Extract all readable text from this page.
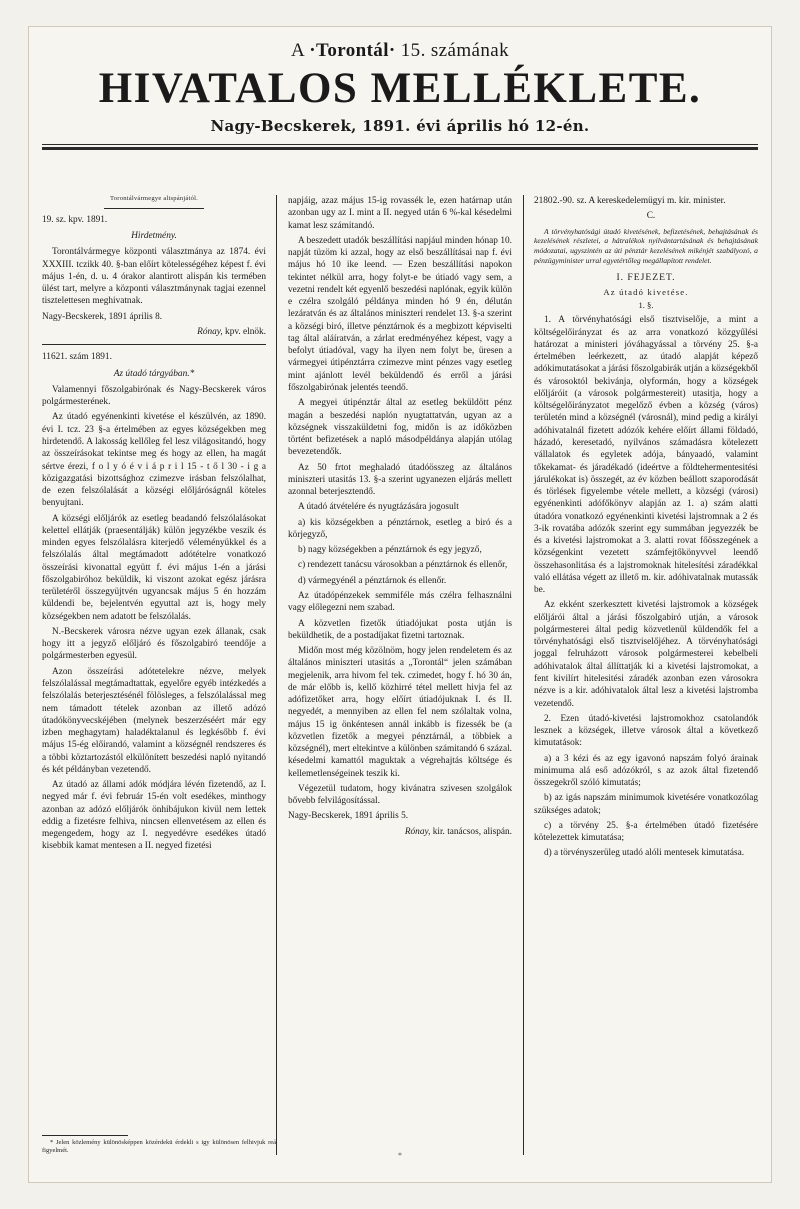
A ·Torontál· 15. számának
HIVATALOS MELLÉKLETE.
Nagy-Becskerek, 1891. évi április hó 12-én.
Torontálvármegye alispánjától.

19. sz. kpv. 1891.

Hirdetmény.

Torontálvármegye központi választmánya az 1874. évi XXXIII. tczikk 40. §-ban előírt kötelességéhez képest f. évi május 1-én, d. u. 4 órakor alantirott alispán kis termében ülést tart, melyre a központi választmánynak tagjai ezennel tisztelettesen meghivatnak.

Nagy-Becskerek, 1891 április 8.

Rónay, kpv. elnök.

11621. szám 1891.

Az útadó tárgyában.*

Valamennyi főszolgabirónak és Nagy-Becskerek város polgármesterének.

Az útadó egyénenkinti kivetése el készülvén, az 1890. évi I. tcz. 23 §-a értelmében az egyes községekben meg hirdetendő. A lakosság kellőleg fel lesz világositandó, hogy az összeírásokat tekintse meg és hogy az ellen, ha magát sértve érezi, f o l y ó é v i á p r i l 15 - t ő l 30 - i g a közigazgatási bizottsághoz czimezve irásban felszólalhat, de ezen felszólalását a községi előljáróságnál köteles benyujtani.

A községi előljárók az esetleg beadandó felszólalásokat kelettel ellátják (praesentálják) külön jegyzékbe veszik és minden egyes felszólalásra kiterjedő véleményükkel és a felszólalás által megtámadott adótételre vonatkozó összeírási kivonattal együtt f. évi május 1-én a járási főszolgabiróhoz beküldik, ki viszont azokat egész járásra területéről összegyüjtvén ugyancsak május 5 én hozzám küldendi be, bejelentvén egyuttal azt is, hogy mely községekben nem adatott be felszólalás.

N.-Becskerek városra nézve ugyan ezek állanak, csak hogy itt a jegyző előljáró és főszolgabiró teendője a polgármesterben egyesül.

Azon összeírási adótetelekre nézve, melyek felszólalással megtámadtattak, egyelőre egyéb intézkedés a felszólalás beterjesztésénél fölösleges, a felszólalással meg nem támadott tételek azonban az illető adózó útadókönyvecskéjében (melynek beszerzéséért már egy izben meghagytam) haladéktalanul és legkésőbb f. évi május 15-ég előirandó, valamint a községnél rendszeres és a többi köztartozástól elkülönített beszedési napló nyitandó és két példányban vezetendő.

Az útadó az állami adók módjára lévén fizetendő, az I. negyed már f. évi február 15-én volt esedékes, minthogy azonban az adózó előljárók önhibájukon kivül nem lettek eddig a fizetésre felhiva, nincsen ellenvetésem az ellen és megengedem, hogy az I. negyedévre esedékes útadó kisebbik kamat mentesen a II. negyed fizetési

* Jelen közlemény különösképpen közérdekü érdekli s igy különösen felhivjuk reá figyelmét.

napjáig, azaz május 15-ig rovassék le, ezen határnap után azonban ugy az I. mint a II. negyed után 6 %-kal késedelmi kamat lesz számitandó.

A beszedett utadók beszállítási napjául minden hónap 10. napját tüzöm ki azzal, hogy az első beszállításai nap f. évi május hó 10 ike leend. — Ezen beszállítási napokon tekintet nélkül arra, hogy folyt-e be útiadó vagy sem, a vezetni rendelt két egyenlő beszedési naplónak, egyik külön e czélra szolgáló példánya minden hó 9 én, délután lezáratván és az általános miniszteri rendelet 13. §-a szerint a községi biró, illetve pénztárnok és a megbizott képviselti tag által aláíratván, a zárlat eredményéhez képest, vagy a befolyt útiadóval, vagy ha ilyen nem folyt be, üresen a vármegyei útipénztárra czimezve mint pénzes vagy esetleg mint ajánlott levél beküldendő és erről a járási főszolgabirónak jelentés teendő.

A megyei útipénztár által az esetleg beküldött pénz magán a beszedési naplón nyugtattatván, ugyan az a községnek visszaküldetni fog, midőn is az időközben történt befizetések a napló másodpéldánya alapján utólag bevezetendők.

Az 50 frtot meghaladó útadóösszeg az általános miniszteri utasitás 13. §-a szerint ugyanezen eljárás mellett azonnal beterjesztendő.

A útadó átvételére és nyugtázására jogosult

a) kis községekben a pénztárnok, esetleg a biró és a körjegyző,

b) nagy községekben a pénztárnok és egy jegyző,

c) rendezett tanácsu városokban a pénztárnok és ellenőr,

d) vármegyénél a pénztárnok és ellenőr.

Az útadópénzekek semmiféle más czélra felhasználni vagy előlegezni nem szabad.

A közvetlen fizetők útiadójukat posta utján is beküldhetik, de a postadíjakat fizetni tartoznak.

Midőn most még közölnöm, hogy jelen rendeletem és az általános miniszteri utasitás a „Torontál“ jelen számában megjelenik, arra hivom fel tek. czimedet, hogy f. hó 30 án, de már előbb is, kellő közhirré tétel mellett hivja fel az adófizetőket arra, hogy előírt útiadójuknak I. és II. negyedét, a mennyiben az ellen fel nem szólaltak volna, május 15 ig önkéntesen annál inkább is fizessék be (a közvetlen fizetők a megyei pénztárnál, a többiek a községnél), mert eltekintve a különben számitandó 6 százal. késedelmi kamattól maguktak a végrehajtás költsége és kellemetlenségeinek teszik ki.

Végezetül tudatom, hogy kivánatra szivesen szolgálok bővebb felvilágosítással.

Nagy-Becskerek, 1891 április 5.

Rónay, kir. tanácsos, alispán.

21802.-90. sz. A kereskedelemügyi m. kir. minister.

C.

A törvényhatósági útadó kivetésének, befizetésének, behajtásának és kezelésének részletei, a hátralékok nyilvántartásának és behajtásának módozatai, ugyszintén az úti pénztár kezelésének mikénjét szabályozó, a pénzügyminister urral egyetértőleg megállapított rendelet.

I. FEJEZET.

Az útadó kivetése.

1. §.

1. A törvényhatósági első tisztviselője, a mint a költségelőirányzat és az arra vonatkozó közgyűlési határozat a ministeri jóváhagyással a törvény 25. §-a értelmében leérkezett, az útadó alapját képező adókimutatásokat a járási főszolgabirák utján a községekből és városoktól bekivánja, olyformán, hogy a községek előljáróit (a városok polgármestereit) utasitja, hogy a költségelőirányzatot megelőző évben a község (város) területén mind a községnél (városnál), mind pedig a királyi adóhivatalnál fizetett adózók kehére előírt állami földadó, házadó, keresetadó, nyilvános számadásra kötelezett vállalatok és egyletek adója, bányaadó, valamint tőkekamat- és járadékadó (ideértve a földtehermentesitési járulékokat is) összegét, az év közben beállott szaporodását és törlések figyelembe vétele mellett, a községi (városi) egyénenkinti adófőkönyv alapján az 1. a) szám alatti útadóra vonatkozó egyénenkinti kivetési lajstromnak a 2 és 3-ik rovatába adózók szerint egy summában jegyezzék be és a kivetési lajstromokat a 3. alatti rovat főösszegének a községenkint vezetett számfejtőkönyvvel leendő összehasonlitása és a lajstromoknak hitelesítési záradékkal való ellátása végett az illető m. kir. adóhivatalnak mutassák be.

Az ekként szerkesztett kivetési lajstromok a községek előljárói által a járási főszolgabiró utján, a városok polgármesterei által pedig közvetlenül küldendők fel a törvényhatósági első tisztviselőjéhez. A törvényhatósági joggal felruházott városok polgármesterei kebelbeli adóhivatalok által állíttatják ki a kivetési lajstromokat, a fent kivilírt hitelesitési záradék azonban ezen városokra nézve is a kir. adóhivatalok által lesz a kivetési lajstromba vezetendő.

2. Ezen útadó-kivetési lajstromokhoz csatolandók lesznek a községek, illetve városok által a következő kimutatások:

a) a 3 kézi és az egy igavonó napszám folyó árainak minimuma alá eső adózókról, s az azok által fizetendő összegekről szóló kimutatás;

b) az igás napszám minimumok kivetésére vonatkozólag szükséges adatok;

c) a törvény 25. §-a értelmében útadó fizetésére kötelezettek kimutatása;

d) a törvényszerüleg utadó alóli mentesek kimutatása.

*
